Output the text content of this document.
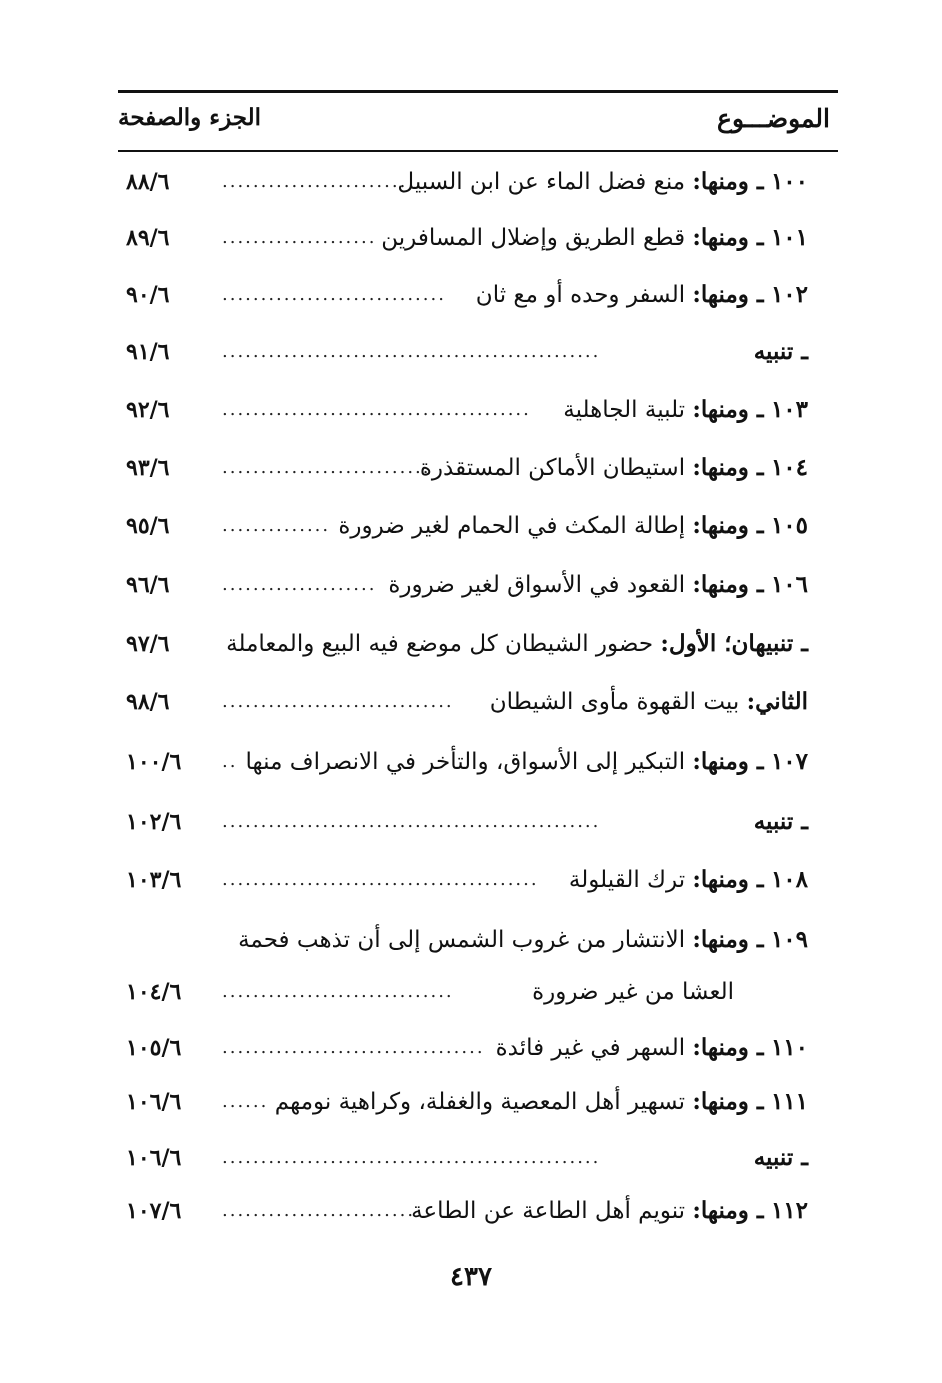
الموضـــوع
الجزء والصفحة
١٠٠ ـ ومنها: منع فضل الماء عن ابن السبيل
........................
٨٨/٦
١٠١ ـ ومنها: قطع الطريق وإضلال المسافرين
....................
٨٩/٦
١٠٢ ـ ومنها: السفر وحده أو مع ثان
.............................
٩٠/٦
ـ تنبيه
.................................................
٩١/٦
١٠٣ ـ ومنها: تلبية الجاهلية
........................................
٩٢/٦
١٠٤ ـ ومنها: استيطان الأماكن المستقذرة
...........................
٩٣/٦
١٠٥ ـ ومنها: إطالة المكث في الحمام لغير ضرورة
..............
٩٥/٦
١٠٦ ـ ومنها: القعود في الأسواق لغير ضرورة
....................
٩٦/٦
ـ تنبيهان؛ الأول: حضور الشيطان كل موضع فيه البيع والمعاملة
٩٧/٦
الثاني: بيت القهوة مأوى الشيطان
..............................
٩٨/٦
١٠٧ ـ ومنها: التبكير إلى الأسواق، والتأخر في الانصراف منها
..
١٠٠/٦
ـ تنبيه
.................................................
١٠٢/٦
١٠٨ ـ ومنها: ترك القيلولة
.........................................
١٠٣/٦
١٠٩ ـ ومنها: الانتشار من غروب الشمس إلى أن تذهب فحمة
العشا من غير ضرورة
..............................
١٠٤/٦
١١٠ ـ ومنها: السهر في غير فائدة
..................................
١٠٥/٦
١١١ ـ ومنها: تسهير أهل المعصية والغفلة، وكراهية نومهم
......
١٠٦/٦
ـ تنبيه
.................................................
١٠٦/٦
١١٢ ـ ومنها: تنويم أهل الطاعة عن الطاعة
.........................
١٠٧/٦
٤٣٧
